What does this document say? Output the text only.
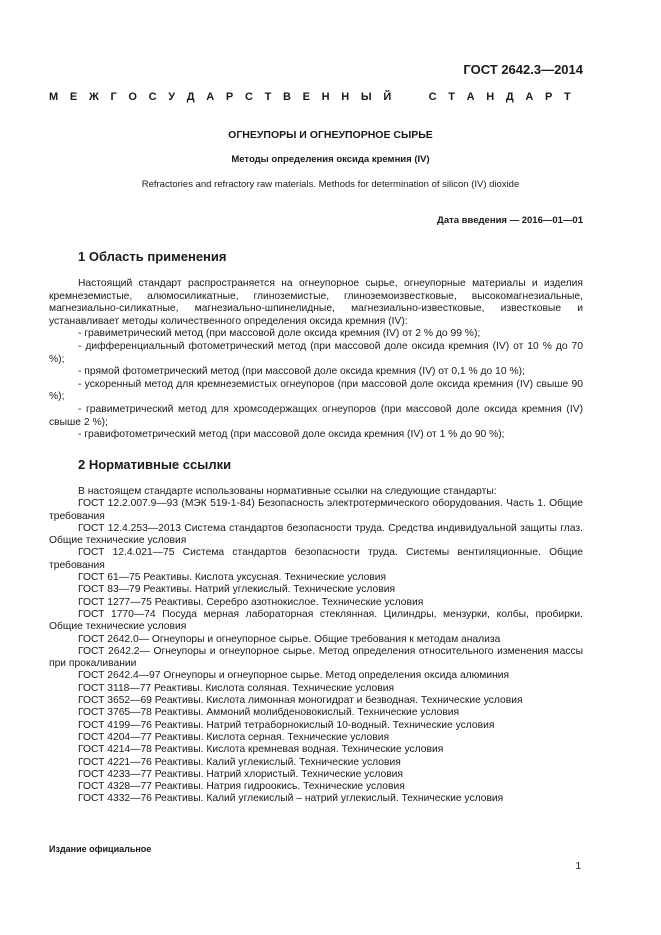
ГОСТ 2642.3—2014
М Е Ж Г О С У Д А Р С Т В Е Н Н Ы Й	С Т А Н Д А Р Т
ОГНЕУПОРЫ И ОГНЕУПОРНОЕ СЫРЬЕ
Методы определения оксида кремния (IV)
Refractories and refractory raw materials. Methods for determination of silicon (IV) dioxide
Дата введения — 2016—01—01
1 Область применения

Настоящий стандарт распространяется на огнеупорное сырье, огнеупорные материалы и изделия кремнеземистые, алюмосиликатные, глиноземистые, глиноземоизвестковые, высокомагнезиальные, магнезиально-силикатные, магнезиально-шпинелидные, магнезиально-известковые, известковые и устанавливает методы количественного определения оксида кремния (IV):

- гравиметрический метод (при массовой доле оксида кремния (IV) от 2 % до 99 %);

- дифференциальный фотометрический метод (при массовой доле оксида кремния (IV) от 10 % до 70 %);

- прямой фотометрический метод (при массовой доле оксида кремния (IV) от 0,1 % до 10 %);

- ускоренный метод для кремнеземистых огнеупоров (при массовой доле оксида кремния (IV) свыше 90 %);

- гравиметрический метод для хромсодержащих огнеупоров (при массовой доле оксида кремния (IV) свыше 2 %);

- гравифотометрический метод (при массовой доле оксида кремния (IV) от 1 % до 90 %);

2 Нормативные ссылки

В настоящем стандарте использованы нормативные ссылки на следующие стандарты:

ГОСТ 12.2.007.9—93 (МЭК 519-1-84) Безопасность электротермического оборудования. Часть 1. Общие требования

ГОСТ 12.4.253—2013 Система стандартов безопасности труда. Средства индивидуальной защиты глаз. Общие технические условия

ГОСТ 12.4.021—75 Система стандартов безопасности труда. Системы вентиляционные. Общие требования

ГОСТ 61—75 Реактивы. Кислота уксусная. Технические условия

ГОСТ 83—79 Реактивы. Натрий углекислый. Технические условия

ГОСТ 1277—75 Реактивы. Серебро азотнокислое. Технические условия

ГОСТ 1770—74 Посуда мерная лабораторная стеклянная. Цилиндры, мензурки, колбы, пробирки. Общие технические условия

ГОСТ 2642.0— Огнеупоры и огнеупорное сырье. Общие требования к методам анализа

ГОСТ 2642.2— Огнеупоры и огнеупорное сырье. Метод определения относительного изменения массы при прокаливании

ГОСТ 2642.4—97 Огнеупоры и огнеупорное сырье. Метод определения оксида алюминия

ГОСТ 3118—77 Реактивы. Кислота соляная. Технические условия

ГОСТ 3652—69 Реактивы. Кислота лимонная моногидрат и безводная. Технические условия

ГОСТ 3765—78 Реактивы. Аммоний молибденовокислый. Технические условия

ГОСТ 4199—76 Реактивы. Натрий тетраборнокислый 10-водный. Технические условия

ГОСТ 4204—77 Реактивы. Кислота серная. Технические условия

ГОСТ 4214—78 Реактивы. Кислота кремневая водная. Технические условия

ГОСТ 4221—76 Реактивы. Калий углекислый. Технические условия

ГОСТ 4233—77 Реактивы. Натрий хлористый. Технические условия

ГОСТ 4328—77 Реактивы. Натрия гидроокись. Технические условия

ГОСТ 4332—76 Реактивы. Калий углекислый – натрий углекислый. Технические условия

Издание официальное
1
